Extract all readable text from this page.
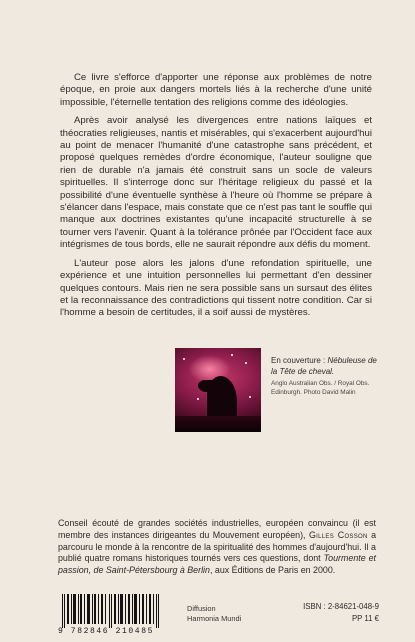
Ce livre s'efforce d'apporter une réponse aux problèmes de notre époque, en proie aux dangers mortels liés à la recherche d'une unité impossible, l'éternelle tentation des religions comme des idéologies.

Après avoir analysé les divergences entre nations laïques et théocraties religieuses, nantis et misérables, qui s'exacerbent aujourd'hui au point de menacer l'humanité d'une catastrophe sans précédent, et proposé quelques remèdes d'ordre économique, l'auteur souligne que rien de durable n'a jamais été construit sans un socle de valeurs spirituelles. Il s'interroge donc sur l'héritage religieux du passé et la possibilité d'une éventuelle synthèse à l'heure où l'homme se prépare à s'élancer dans l'espace, mais constate que ce n'est pas tant le souffle qui manque aux doctrines existantes qu'une incapacité structurelle à se tourner vers l'avenir. Quant à la tolérance prônée par l'Occident face aux intégrismes de tous bords, elle ne saurait répondre aux défis du moment.

L'auteur pose alors les jalons d'une refondation spirituelle, une expérience et une intuition personnelles lui permettant d'en dessiner quelques contours. Mais rien ne sera possible sans un sursaut des élites et la reconnaissance des contradictions qui tissent notre condition. Car si l'homme a besoin de certitudes, il a soif aussi de mystères.

En couverture : Nébuleuse de la Tête de cheval.
Anglo Australian Obs. / Royal Obs. Edinburgh. Photo David Malin

Conseil écouté de grandes sociétés industrielles, européen convaincu (il est membre des instances dirigeantes du Mouvement européen), Gilles Cosson a parcouru le monde à la rencontre de la spiritualité des hommes d'aujourd'hui. Il a publié quatre romans historiques tournés vers ces questions, dont Tourmente et passion, de Saint-Pétersbourg à Berlin, aux Éditions de Paris en 2000.

9 782846 210485
Diffusion
Harmonia Mundi
ISBN : 2-84621-048-9
PP 11 €
